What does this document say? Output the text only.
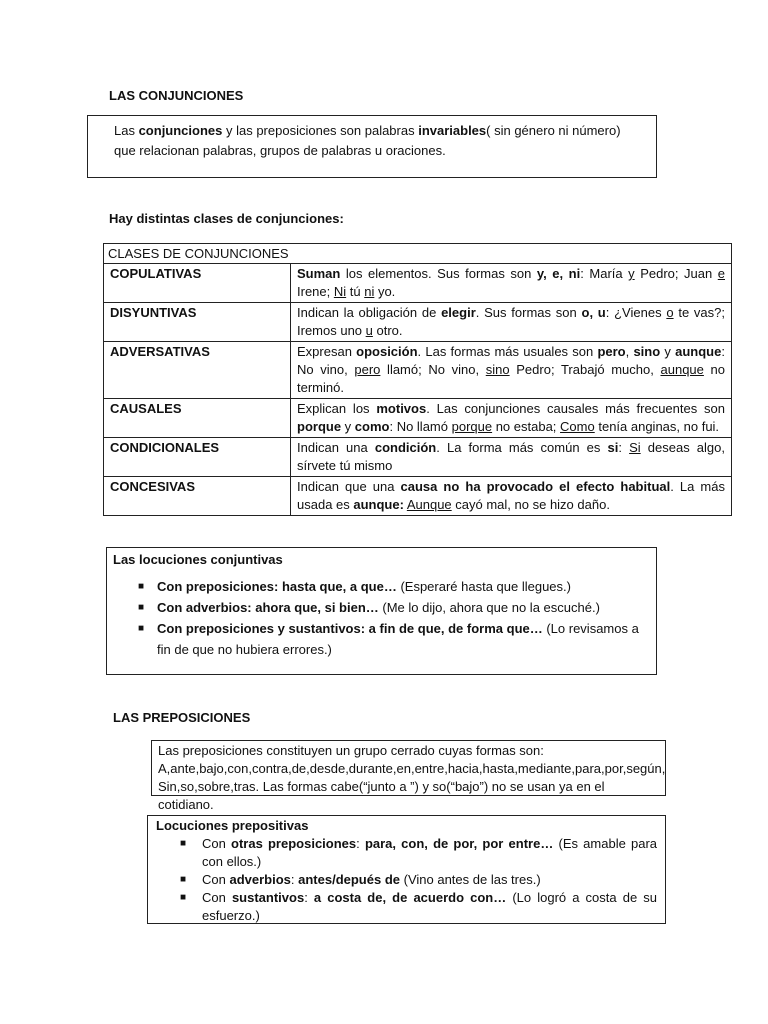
LAS CONJUNCIONES

Las conjunciones y las preposiciones son palabras invariables( sin género ni número)

que relacionan palabras, grupos de palabras u oraciones.

Hay distintas clases de conjunciones:
CLASES DE CONJUNCIONES	
COPULATIVAS	Suman los elementos. Sus formas son y, e, ni: María y Pedro; Juan e Irene; Ni tú ni yo.
DISYUNTIVAS	Indican la obligación de elegir. Sus formas son o, u: ¿Vienes o te vas?; Iremos uno u otro.
ADVERSATIVAS	Expresan oposición. Las formas más usuales son pero, sino y aunque: No vino, pero llamó; No vino, sino Pedro; Trabajó mucho, aunque no terminó.
CAUSALES	Explican los motivos. Las conjunciones causales más frecuentes son porque y como: No llamó porque no estaba; Como tenía anginas, no fui.
CONDICIONALES	Indican una condición. La forma más común es si: Si deseas algo, sírvete tú mismo
CONCESIVAS	Indican que una causa no ha provocado el efecto habitual. La más usada es aunque: Aunque cayó mal, no se hizo daño.
Las locuciones conjuntivas
■ Con preposiciones: hasta que, a que… (Esperaré hasta que llegues.)
■ Con adverbios: ahora que, si bien… (Me lo dijo, ahora que no la escuché.)
■ Con preposiciones y sustantivos: a fin de que, de forma que… (Lo revisamos a fin de que no hubiera errores.)
LAS PREPOSICIONES

Las preposiciones constituyen un grupo cerrado cuyas formas son:

A,ante,bajo,con,contra,de,desde,durante,en,entre,hacia,hasta,mediante,para,por,según,

Sin,so,sobre,tras. Las formas cabe(“junto a ”) y so(“bajo”) no se usan ya en el cotidiano.

Locuciones prepositivas
■ Con otras preposiciones: para, con, de por, por entre… (Es amable para con ellos.)
■ Con adverbios: antes/depués de (Vino antes de las tres.)
■ Con sustantivos: a costa de, de acuerdo con… (Lo logró a costa de su esfuerzo.)
